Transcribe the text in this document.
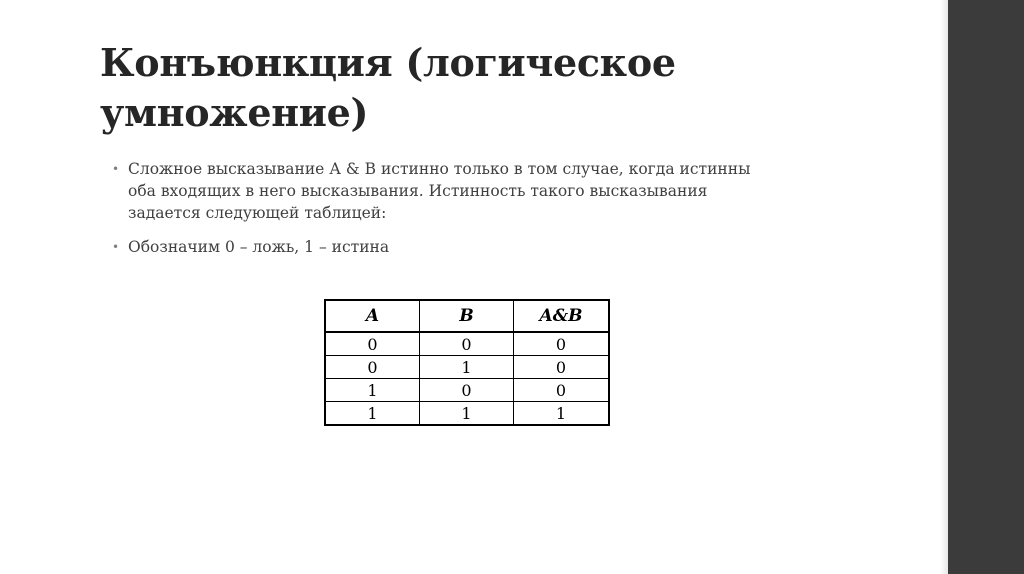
Конъюнкция (логическое
умножение)
• Сложное высказывание А & В истинно только в том случае, когда истинны оба входящих в него высказывания. Истинность такого высказывания задается следующей таблицей:
• Обозначим 0 – ложь, 1 – истина
A	B	A&B
0	0	0
0	1	0
1	0	0
1	1	1
